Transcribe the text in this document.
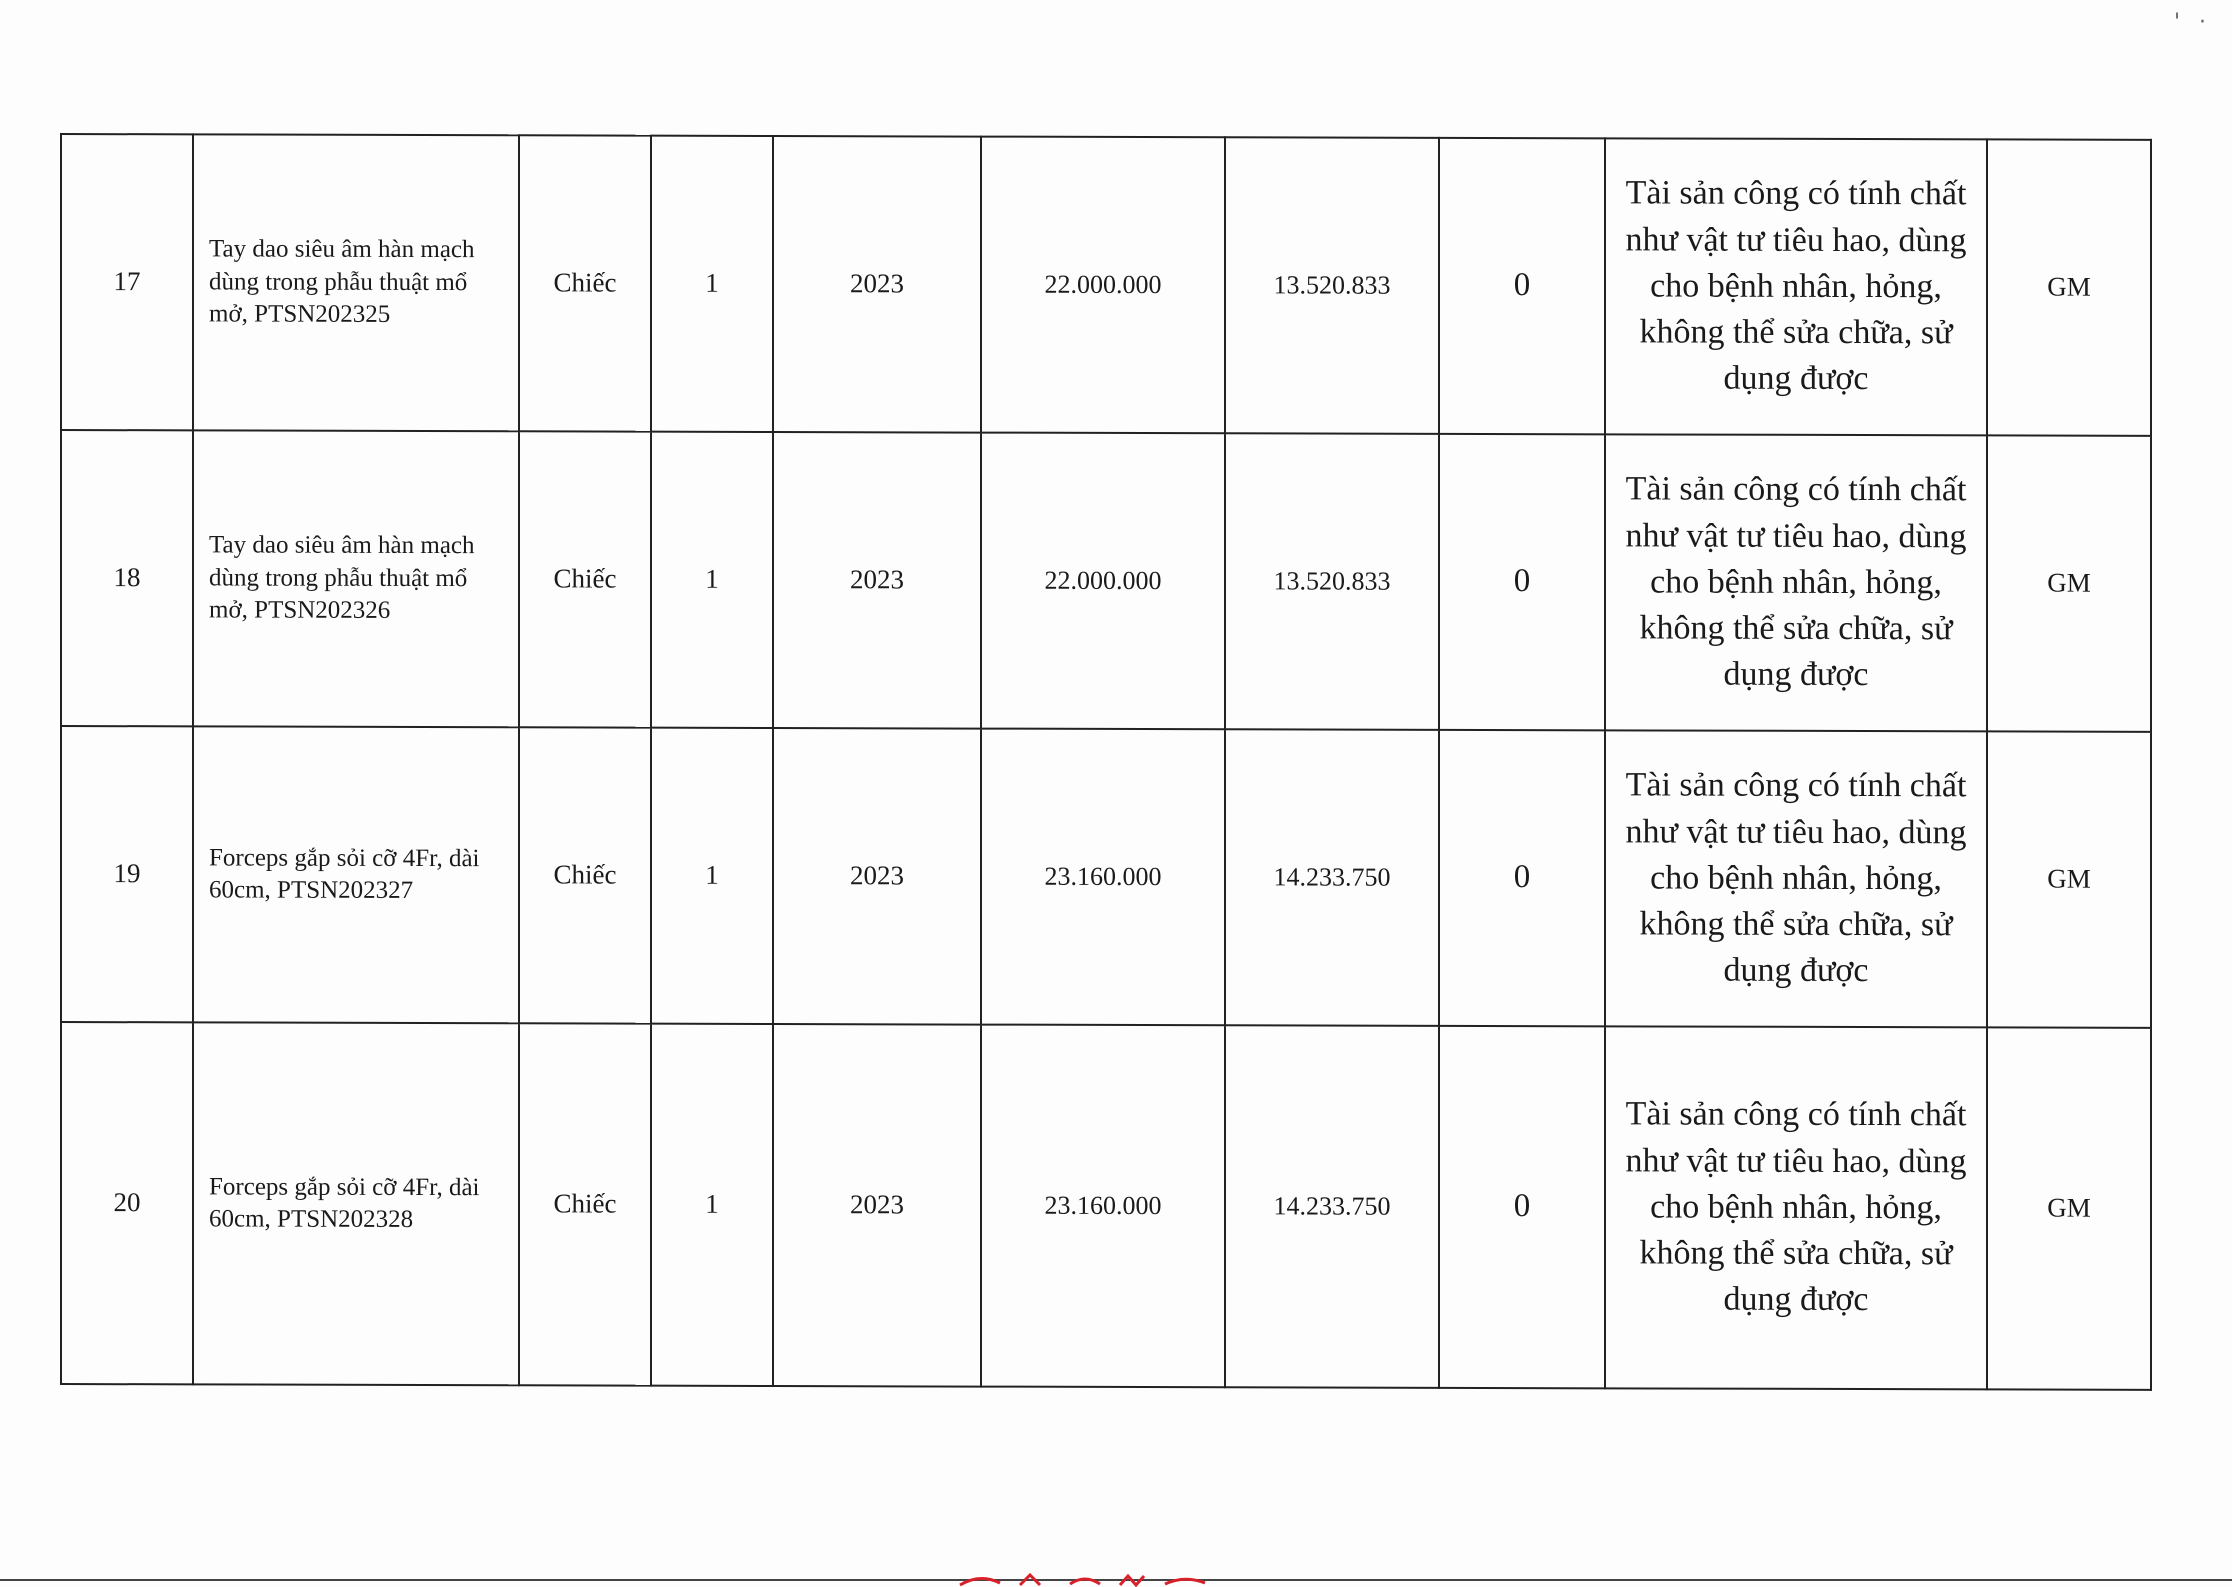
' ·
17	Tay dao siêu âm hàn mạch dùng trong phẫu thuật mổ mở, PTSN202325	Chiếc	1	2023	22.000.000	13.520.833	0	Tài sản công có tính chất như vật tư tiêu hao, dùng cho bệnh nhân, hỏng, không thể sửa chữa, sử dụng được	GM
18	Tay dao siêu âm hàn mạch dùng trong phẫu thuật mổ mở, PTSN202326	Chiếc	1	2023	22.000.000	13.520.833	0	Tài sản công có tính chất như vật tư tiêu hao, dùng cho bệnh nhân, hỏng, không thể sửa chữa, sử dụng được	GM
19	Forceps gắp sỏi cỡ 4Fr, dài 60cm, PTSN202327	Chiếc	1	2023	23.160.000	14.233.750	0	Tài sản công có tính chất như vật tư tiêu hao, dùng cho bệnh nhân, hỏng, không thể sửa chữa, sử dụng được	GM
20	Forceps gắp sỏi cỡ 4Fr, dài 60cm, PTSN202328	Chiếc	1	2023	23.160.000	14.233.750	0	Tài sản công có tính chất như vật tư tiêu hao, dùng cho bệnh nhân, hỏng, không thể sửa chữa, sử dụng được	GM
